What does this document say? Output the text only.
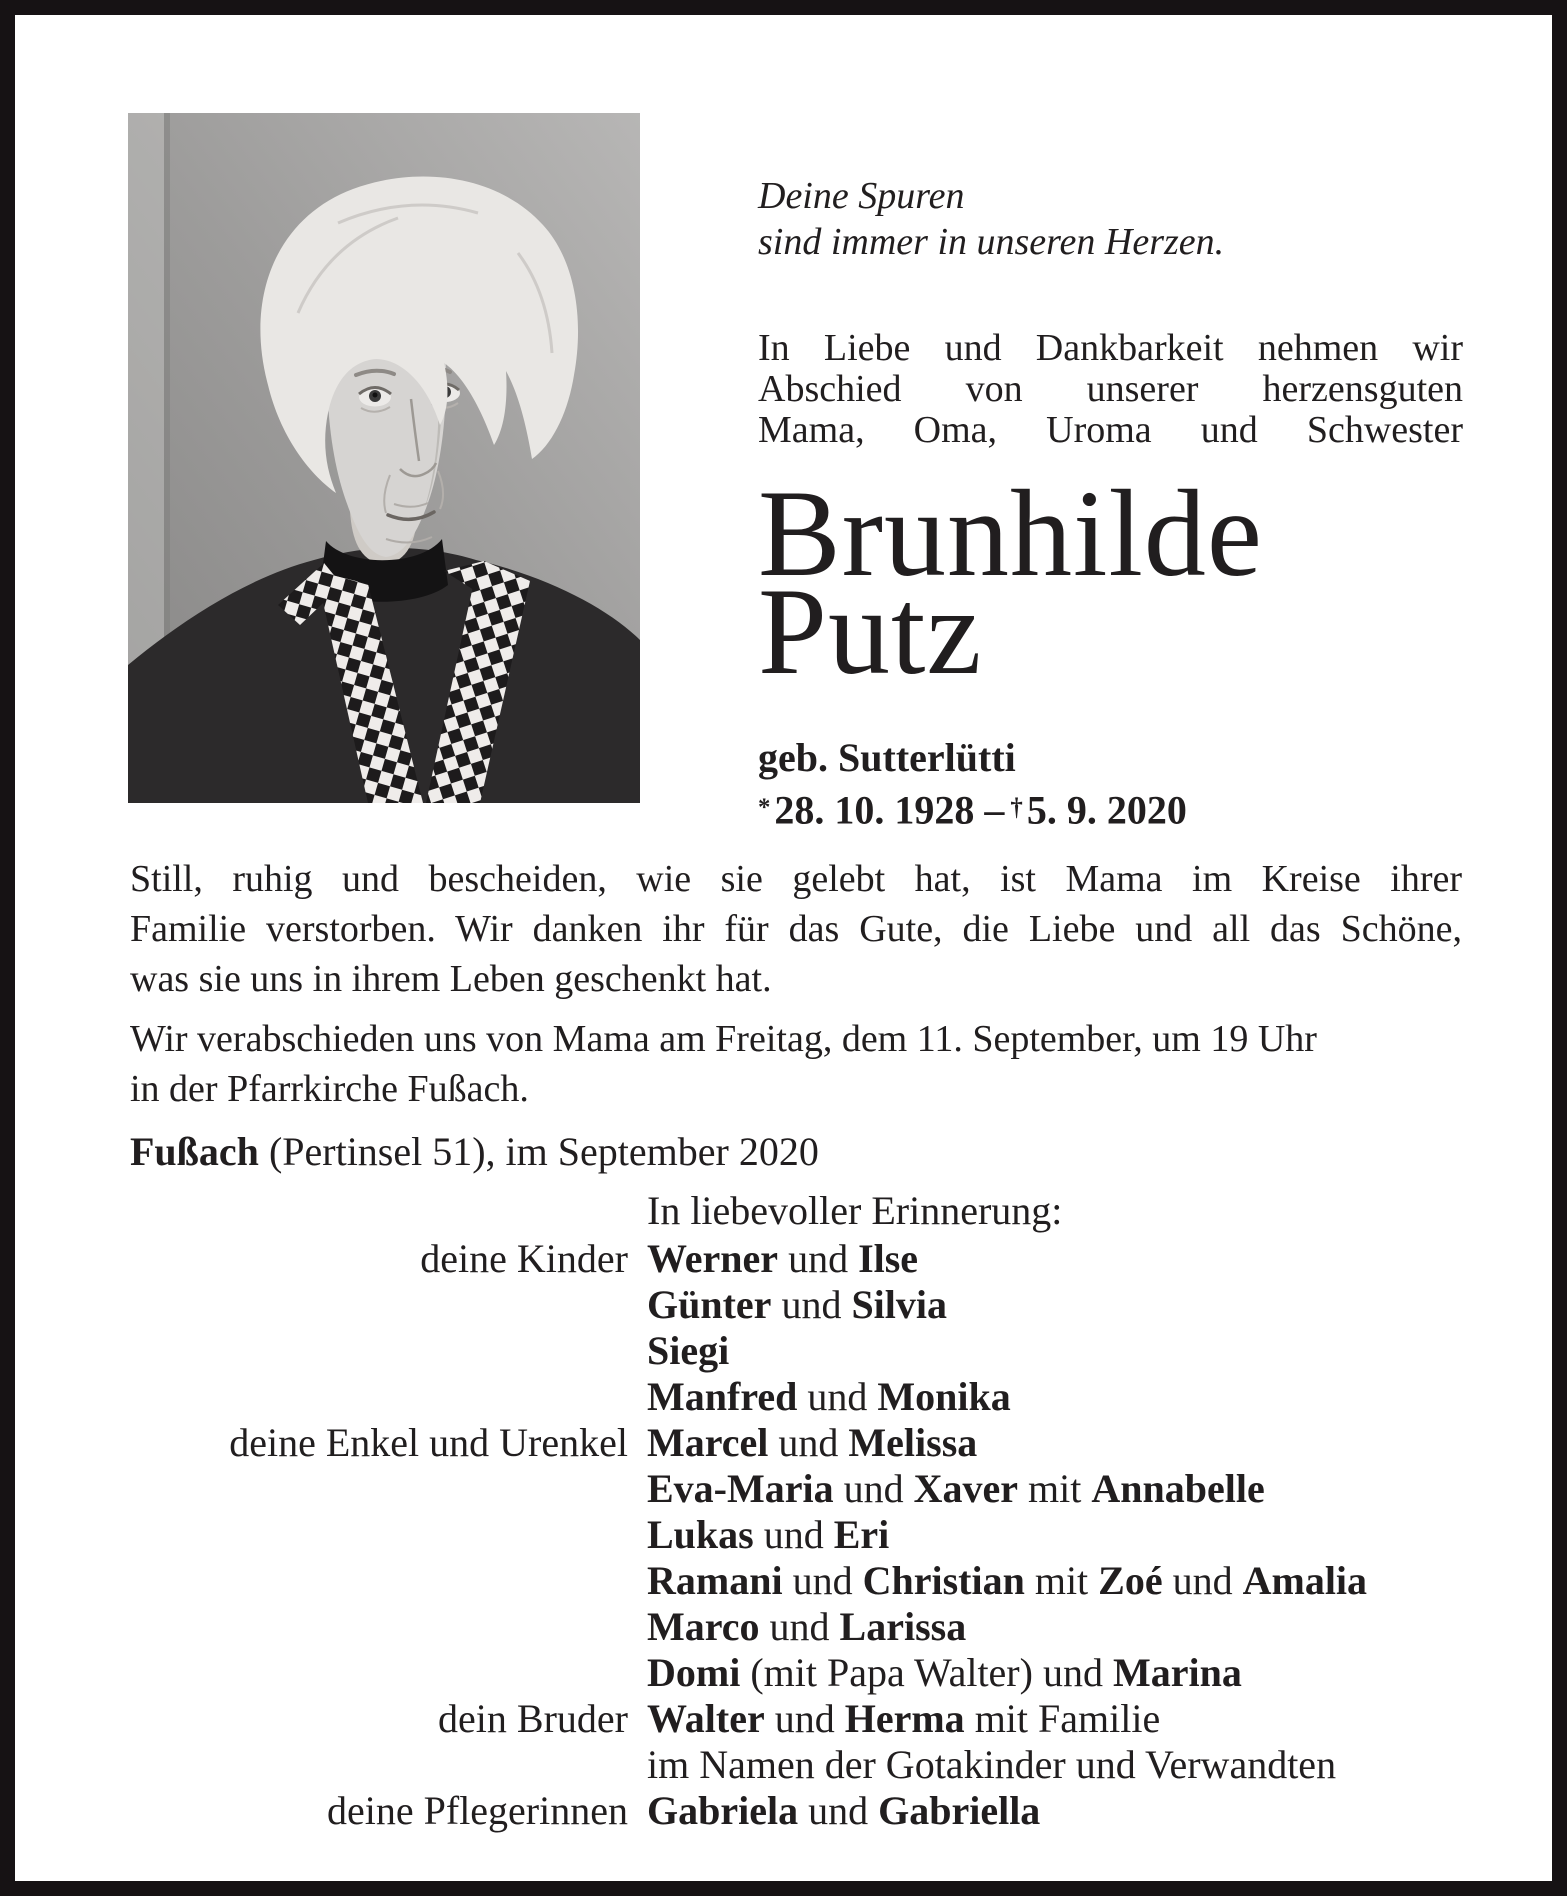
Deine Spuren
sind immer in unseren Herzen.
In Liebe und Dankbarkeit nehmen wir
Abschied von unserer herzensguten
Mama, Oma, Uroma und Schwester
Brunhilde
Putz
geb. Sutterlütti
* 28. 10. 1928 – † 5. 9. 2020
Still, ruhig und bescheiden, wie sie gelebt hat, ist Mama im Kreise ihrer
Familie verstorben. Wir danken ihr für das Gute, die Liebe und all das Schöne,
was sie uns in ihrem Leben geschenkt hat.
Wir verabschieden uns von Mama am Freitag, dem 11. September, um 19 Uhr
in der Pfarrkirche Fußach.
Fußach (Pertinsel 51), im September 2020
In liebevoller Erinnerung:
deine Kinder Werner und Ilse
Günter und Silvia
Siegi
Manfred und Monika
deine Enkel und Urenkel Marcel und Melissa
Eva-Maria und Xaver mit Annabelle
Lukas und Eri
Ramani und Christian mit Zoé und Amalia
Marco und Larissa
Domi (mit Papa Walter) und Marina
dein Bruder Walter und Herma mit Familie
im Namen der Gotakinder und Verwandten
deine Pflegerinnen Gabriela und Gabriella
